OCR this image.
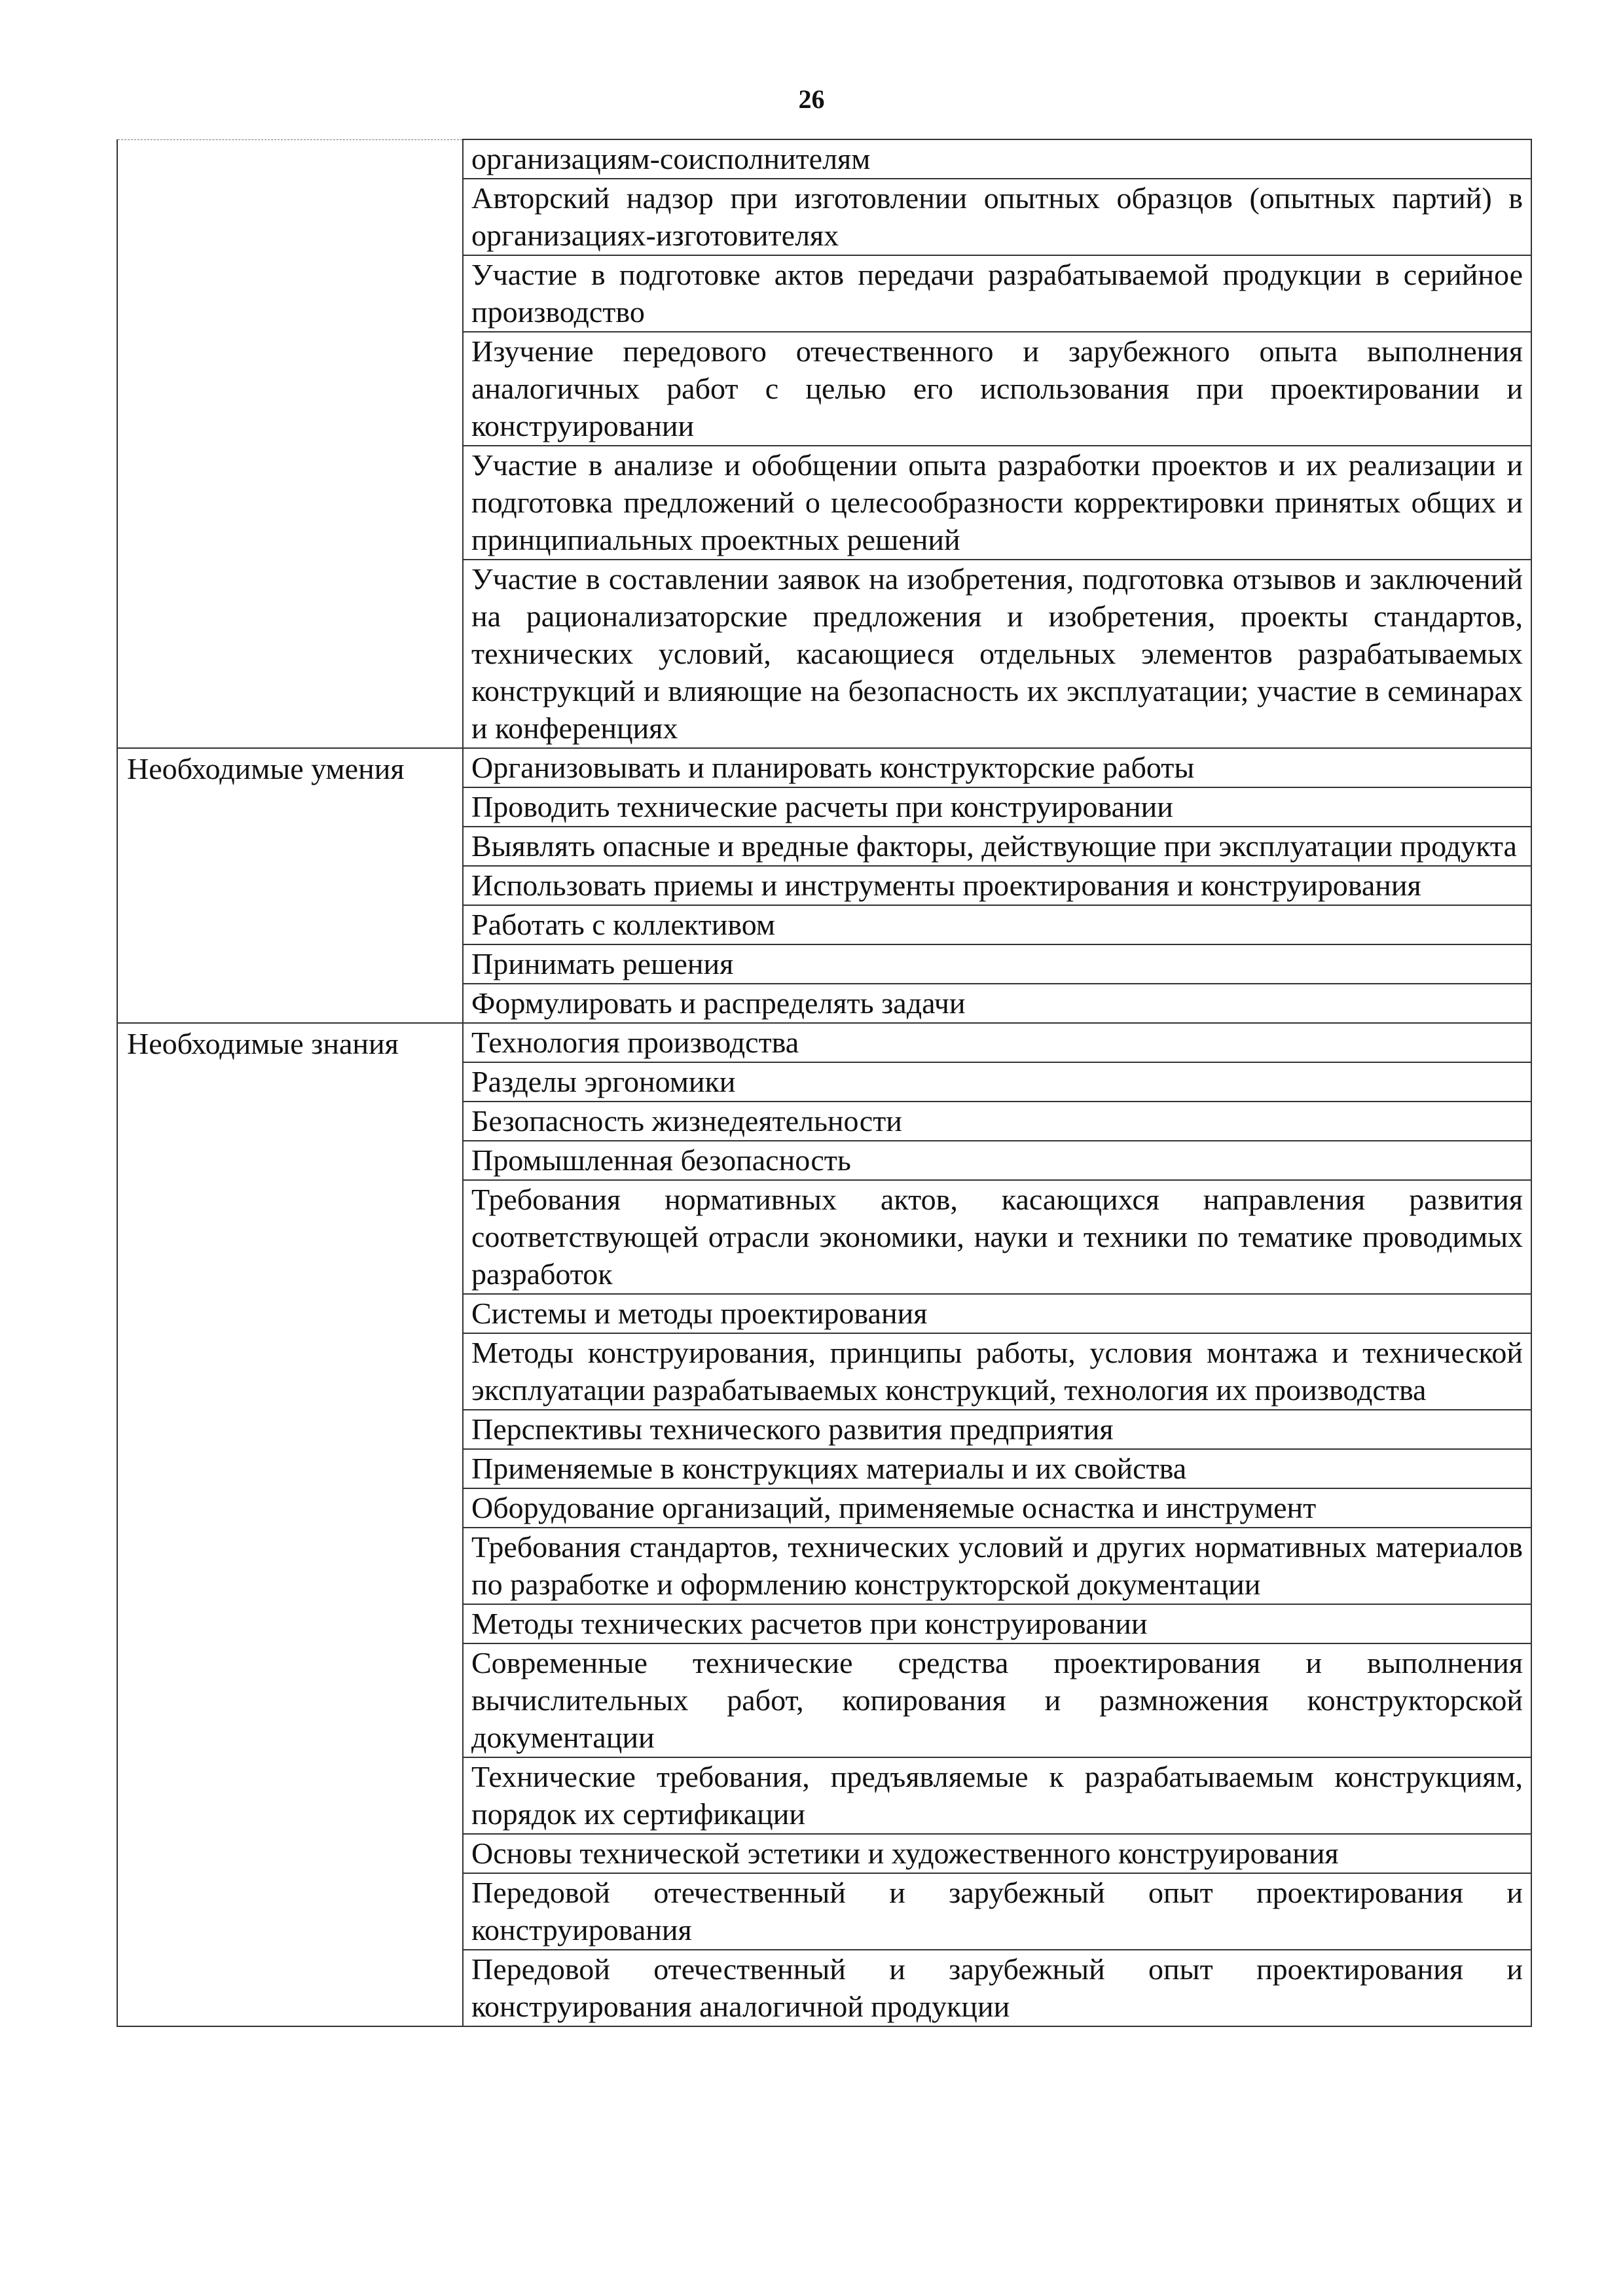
26
	организациям-соисполнителям
	Авторский надзор при изготовлении опытных образцов (опытных партий) в организациях-изготовителях
	Участие в подготовке актов передачи разрабатываемой продукции в серийное производство
	Изучение передового отечественного и зарубежного опыта выполнения аналогичных работ с целью его использования при проектировании и конструировании
	Участие в анализе и обобщении опыта разработки проектов и их реализации и подготовка предложений о целесообразности корректировки принятых общих и принципиальных проектных решений
	Участие в составлении заявок на изобретения, подготовка отзывов и заключений на рационализаторские предложения и изобретения, проекты стандартов, технических условий, касающиеся отдельных элементов разрабатываемых конструкций и влияющие на безопасность их эксплуатации; участие в семинарах и конференциях
Необходимые умения	Организовывать и планировать конструкторские работы
	Проводить технические расчеты при конструировании
	Выявлять опасные и вредные факторы, действующие при эксплуатации продукта
	Использовать приемы и инструменты проектирования и конструирования
	Работать с коллективом
	Принимать решения
	Формулировать и распределять задачи
Необходимые знания	Технология производства
	Разделы эргономики
	Безопасность жизнедеятельности
	Промышленная безопасность
	Требования нормативных актов, касающихся направления развития соответствующей отрасли экономики, науки и техники по тематике проводимых разработок
	Системы и методы проектирования
	Методы конструирования, принципы работы, условия монтажа и технической эксплуатации разрабатываемых конструкций, технология их производства
	Перспективы технического развития предприятия
	Применяемые в конструкциях материалы и их свойства
	Оборудование организаций, применяемые оснастка и инструмент
	Требования стандартов, технических условий и других нормативных материалов по разработке и оформлению конструкторской документации
	Методы технических расчетов при конструировании
	Современные технические средства проектирования и выполнения вычислительных работ, копирования и размножения конструкторской документации
	Технические требования, предъявляемые к разрабатываемым конструкциям, порядок их сертификации
	Основы технической эстетики и художественного конструирования
	Передовой отечественный и зарубежный опыт проектирования и конструирования
	Передовой отечественный и зарубежный опыт проектирования и конструирования аналогичной продукции
